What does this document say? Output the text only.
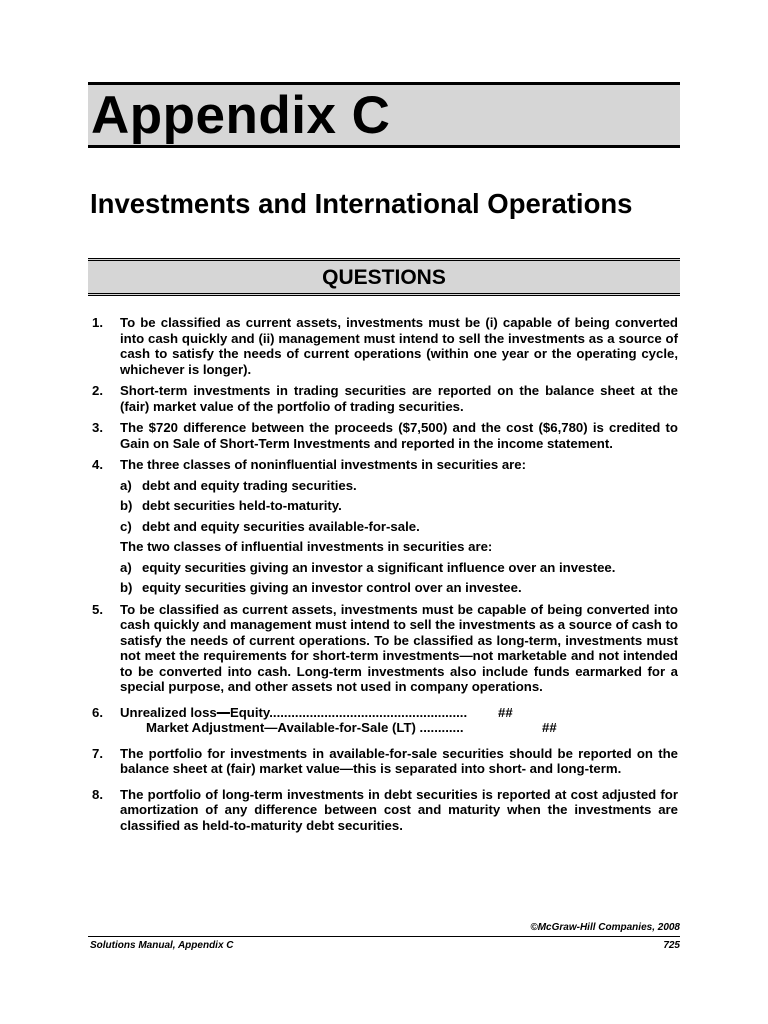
Appendix C
Investments and International Operations
QUESTIONS
1. To be classified as current assets, investments must be (i) capable of being converted into cash quickly and (ii) management must intend to sell the investments as a source of cash to satisfy the needs of current operations (within one year or the operating cycle, whichever is longer).
2. Short-term investments in trading securities are reported on the balance sheet at the (fair) market value of the portfolio of trading securities.
3. The $720 difference between the proceeds ($7,500) and the cost ($6,780) is credited to Gain on Sale of Short-Term Investments and reported in the income statement.
4. The three classes of noninfluential investments in securities are:
a) debt and equity trading securities.
b) debt securities held-to-maturity.
c) debt and equity securities available-for-sale.
The two classes of influential investments in securities are:
a) equity securities giving an investor a significant influence over an investee.
b) equity securities giving an investor control over an investee.
5. To be classified as current assets, investments must be capable of being converted into cash quickly and management must intend to sell the investments as a source of cash to satisfy the needs of current operations. To be classified as long-term, investments must not meet the requirements for short-term investments—not marketable and not intended to be converted into cash. Long-term investments also include funds earmarked for a special purpose, and other assets not used in company operations.
6. Unrealized loss—Equity...................................................... ##
Market Adjustment—Available-for-Sale (LT) ............	##
7. The portfolio for investments in available-for-sale securities should be reported on the balance sheet at (fair) market value—this is separated into short- and long-term.
8. The portfolio of long-term investments in debt securities is reported at cost adjusted for amortization of any difference between cost and maturity when the investments are classified as held-to-maturity debt securities.
©McGraw-Hill Companies, 2008
Solutions Manual, Appendix C	725
